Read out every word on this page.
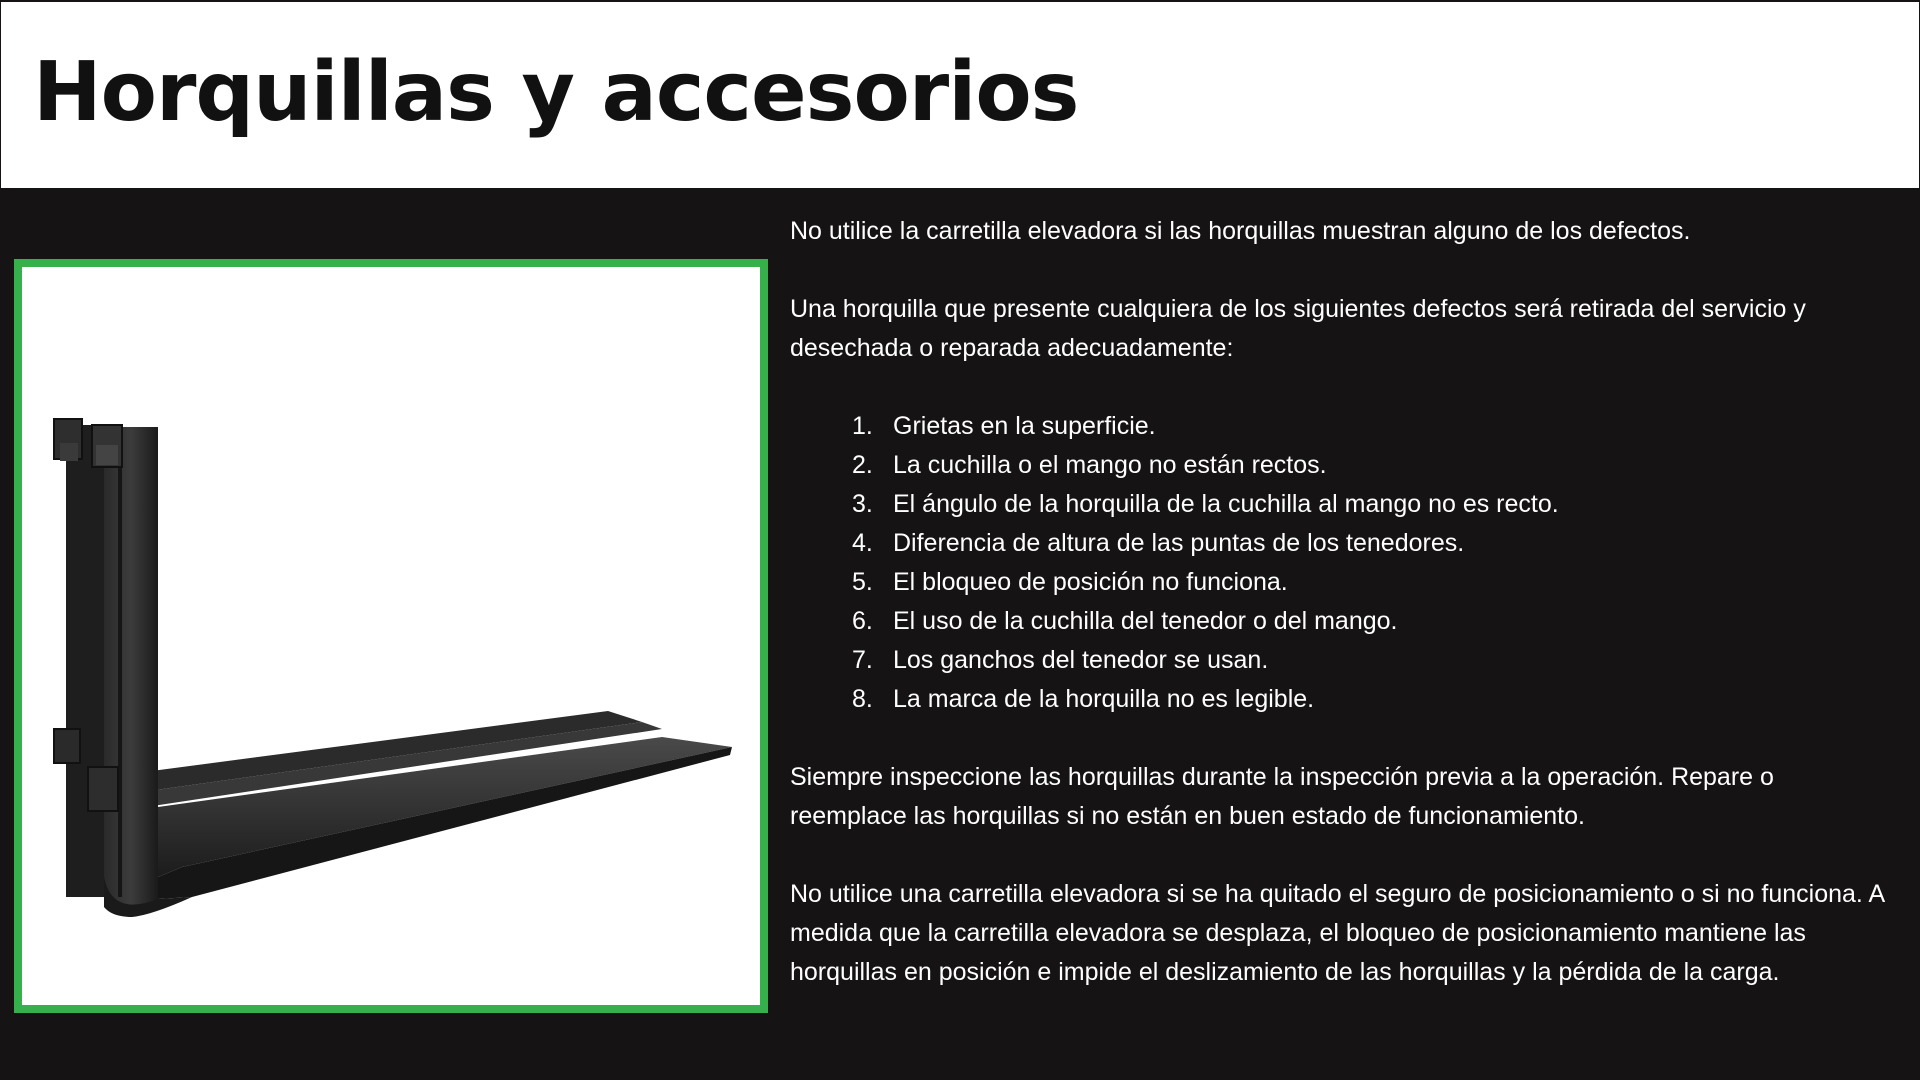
Horquillas y accesorios

No utilice la carretilla elevadora si las horquillas muestran alguno de los defectos.

Una horquilla que presente cualquiera de los siguientes defectos será retirada del servicio y desechada o reparada adecuadamente:

1. Grietas en la superficie.
2. La cuchilla o el mango no están rectos.
3. El ángulo de la horquilla de la cuchilla al mango no es recto.
4. Diferencia de altura de las puntas de los tenedores.
5. El bloqueo de posición no funciona.
6. El uso de la cuchilla del tenedor o del mango.
7. Los ganchos del tenedor se usan.
8. La marca de la horquilla no es legible.

Siempre inspeccione las horquillas durante la inspección previa a la operación. Repare o reemplace las horquillas si no están en buen estado de funcionamiento.

No utilice una carretilla elevadora si se ha quitado el seguro de posicionamiento o si no funciona. A medida que la carretilla elevadora se desplaza, el bloqueo de posicionamiento mantiene las horquillas en posición e impide el deslizamiento de las horquillas y la pérdida de la carga.
